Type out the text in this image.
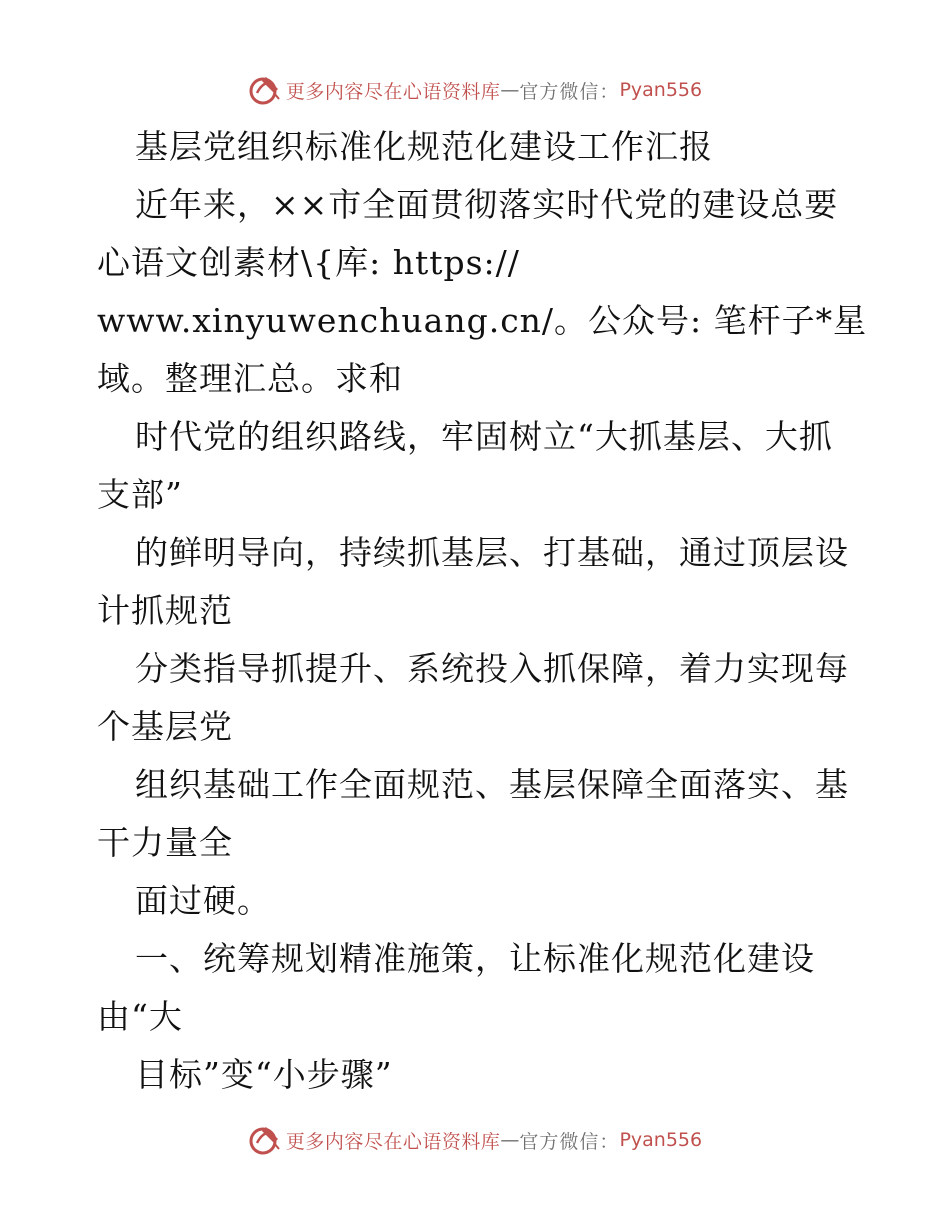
更多内容尽在心语资料库 — 官方微信： Pyan556
基层党组织标准化规范化建设工作汇报
近年来，××市全面贯彻落实时代党的建设总要
心语文创素材\{库: https://
www.xinyuwenchuang.cn/。公众号: 笔杆子*星
域。整理汇总。求和
时代党的组织路线，牢固树立“大抓基层、大抓
支部”
的鲜明导向，持续抓基层、打基础，通过顶层设
计抓规范
分类指导抓提升、系统投入抓保障，着力实现每
个基层党
组织基础工作全面规范、基层保障全面落实、基
干力量全
面过硬。
一、统筹规划精准施策，让标准化规范化建设
由“大
目标”变“小步骤”
更多内容尽在心语资料库 — 官方微信： Pyan556
